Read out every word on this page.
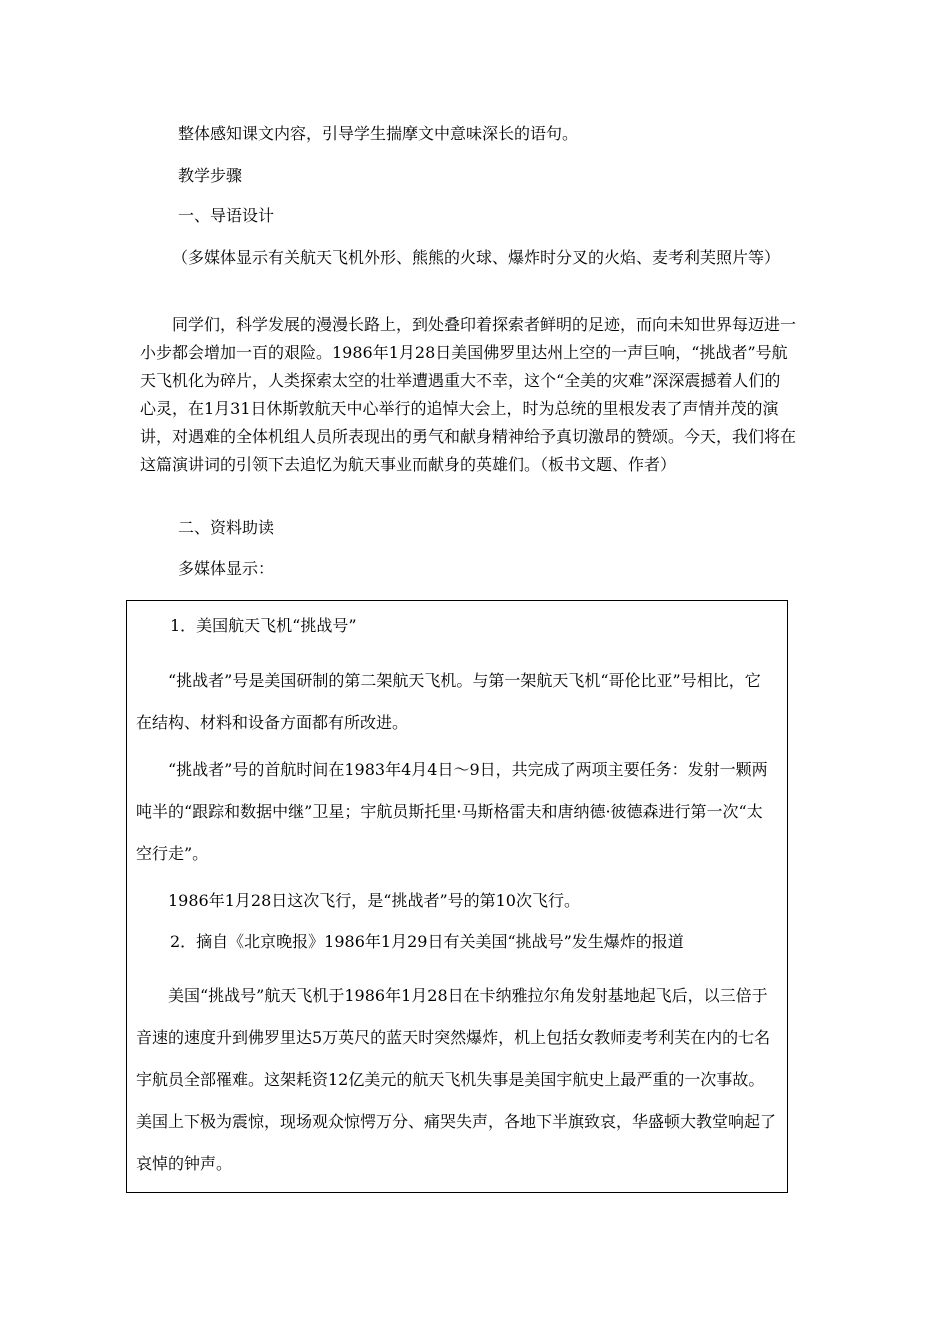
整体感知课文内容，引导学生揣摩文中意味深长的语句。

教学步骤

一、导语设计

（多媒体显示有关航天飞机外形、熊熊的火球、爆炸时分叉的火焰、麦考利芙照片等）

同学们，科学发展的漫漫长路上，到处叠印着探索者鲜明的足迹，而向未知世界每迈进一小步都会增加一百的艰险。1986年1月28日美国佛罗里达州上空的一声巨响，“挑战者”号航天飞机化为碎片，人类探索太空的壮举遭遇重大不幸，这个“全美的灾难”深深震撼着人们的心灵，在1月31日休斯敦航天中心举行的追悼大会上，时为总统的里根发表了声情并茂的演讲，对遇难的全体机组人员所表现出的勇气和献身精神给予真切激昂的赞颂。今天，我们将在这篇演讲词的引领下去追忆为航天事业而献身的英雄们。（板书文题、作者）

二、资料助读

多媒体显示：

1．美国航天飞机“挑战号”

“挑战者”号是美国研制的第二架航天飞机。与第一架航天飞机“哥伦比亚”号相比，它在结构、材料和设备方面都有所改进。

“挑战者”号的首航时间在1983年4月4日～9日，共完成了两项主要任务：发射一颗两吨半的“跟踪和数据中继”卫星；宇航员斯托里·马斯格雷夫和唐纳德·彼德森进行第一次“太空行走”。

1986年1月28日这次飞行，是“挑战者”号的第10次飞行。

2．摘自《北京晚报》1986年1月29日有关美国“挑战号”发生爆炸的报道

美国“挑战号”航天飞机于1986年1月28日在卡纳雅拉尔角发射基地起飞后，以三倍于音速的速度升到佛罗里达5万英尺的蓝天时突然爆炸，机上包括女教师麦考利芙在内的七名宇航员全部罹难。这架耗资12亿美元的航天飞机失事是美国宇航史上最严重的一次事故。美国上下极为震惊，现场观众惊愕万分、痛哭失声，各地下半旗致哀，华盛顿大教堂响起了哀悼的钟声。
